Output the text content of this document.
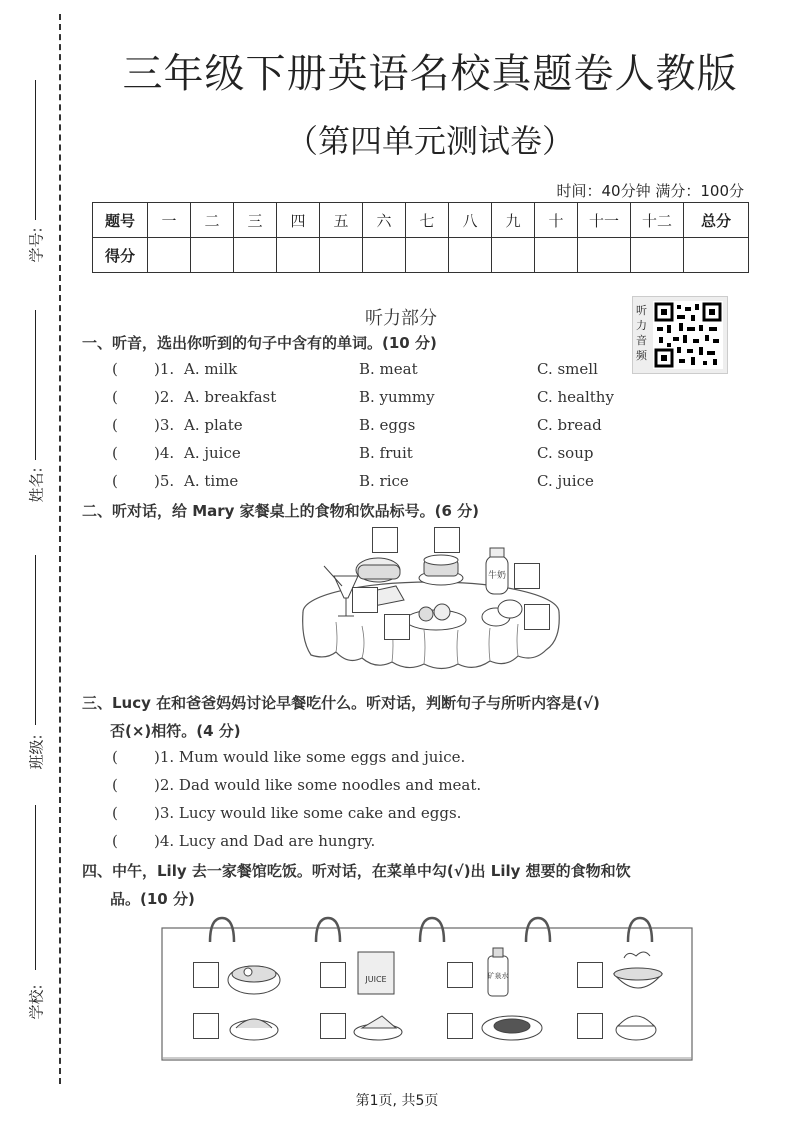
学号:
姓名:
班级:
学校:
三年级下册英语名校真题卷人教版
（第四单元测试卷）
时间：40分钟 满分：100分
题号	一	二	三	四	五	六	七	八	九	十	十一	十二	总分
得分													
听力部分	听力音频
一、听音，选出你听到的句子中含有的单词。(10 分)
( )1. A. milk	B. meat	C. smell
( )2. A. breakfast	B. yummy	C. healthy
( )3. A. plate	B. eggs	C. bread
( )4. A. juice	B. fruit	C. soup
( )5. A. time	B. rice	C. juice
二、听对话，给 Mary 家餐桌上的食物和饮品标号。(6 分)
牛奶
三、Lucy 在和爸爸妈妈讨论早餐吃什么。听对话，判断句子与所听内容是(√)
否(×)相符。(4 分)
( )1. Mum would like some eggs and juice.
( )2. Dad would like some noodles and meat.
( )3. Lucy would like some cake and eggs.
( )4. Lucy and Dad are hungry.
四、中午，Lily 去一家餐馆吃饭。听对话，在菜单中勾(√)出 Lily 想要的食物和饮
品。(10 分)
JUICE	矿泉水
第1页, 共5页
